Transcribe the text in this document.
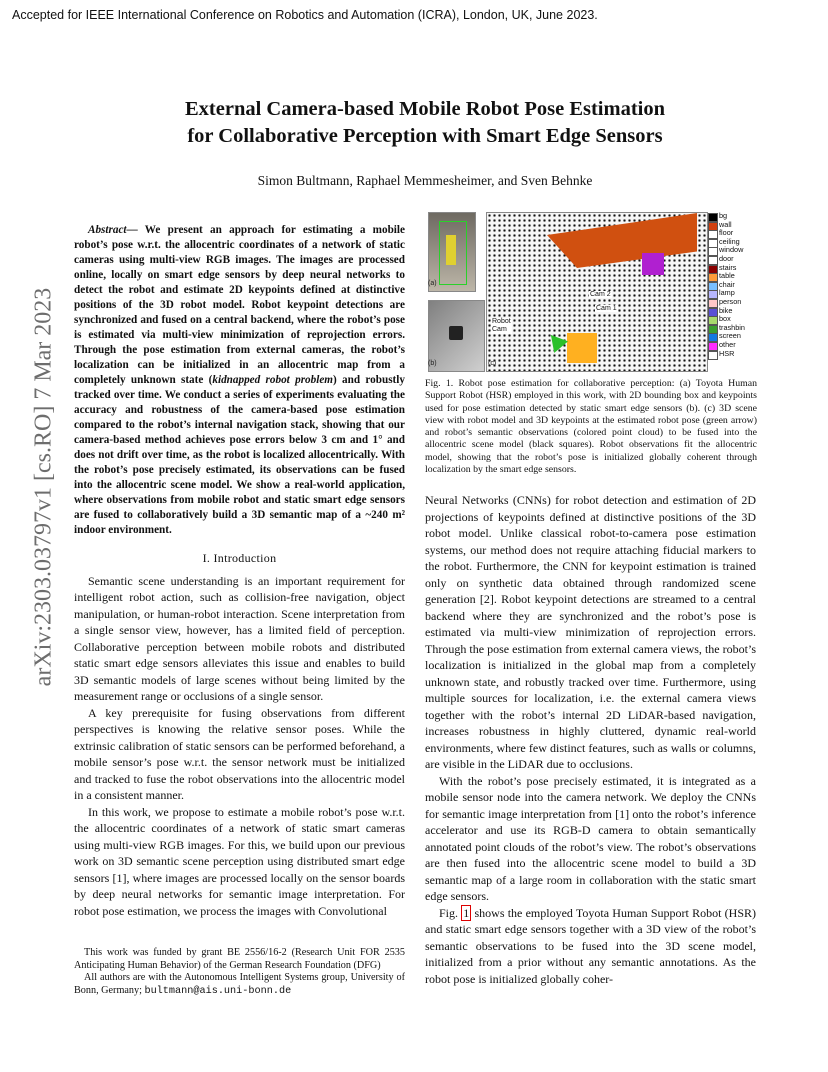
Accepted for IEEE International Conference on Robotics and Automation (ICRA), London, UK, June 2023.
arXiv:2303.03797v1 [cs.RO] 7 Mar 2023
External Camera-based Mobile Robot Pose Estimation
for Collaborative Perception with Smart Edge Sensors
Simon Bultmann, Raphael Memmesheimer, and Sven Behnke

Abstract— We present an approach for estimating a mobile robot’s pose w.r.t. the allocentric coordinates of a network of static cameras using multi-view RGB images. The images are processed online, locally on smart edge sensors by deep neural networks to detect the robot and estimate 2D keypoints defined at distinctive positions of the 3D robot model. Robot keypoint detections are synchronized and fused on a central backend, where the robot’s pose is estimated via multi-view minimization of reprojection errors. Through the pose estimation from external cameras, the robot’s localization can be initialized in an allocentric map from a completely unknown state (kidnapped robot problem) and robustly tracked over time. We conduct a series of experiments evaluating the accuracy and robustness of the camera-based pose estimation compared to the robot’s internal navigation stack, showing that our camera-based method achieves pose errors below 3 cm and 1° and does not drift over time, as the robot is localized allocentrically. With the robot’s pose precisely estimated, its observations can be fused into the allocentric scene model. We show a real-world application, where observations from mobile robot and static smart edge sensors are fused to collaboratively build a 3D semantic map of a ~240 m² indoor environment.

I. Introduction

Semantic scene understanding is an important requirement for intelligent robot action, such as collision-free navigation, object manipulation, or human-robot interaction. Scene interpretation from a single sensor view, however, has a limited field of perception. Collaborative perception between mobile robots and distributed static smart edge sensors alleviates this issue and enables to build 3D semantic models of large scenes without being limited by the measurement range or occlusions of a single sensor.

A key prerequisite for fusing observations from different perspectives is knowing the relative sensor poses. While the extrinsic calibration of static sensors can be performed beforehand, a mobile sensor’s pose w.r.t. the sensor network must be initialized and tracked to fuse the robot observations into the allocentric model in a consistent manner.

In this work, we propose to estimate a mobile robot’s pose w.r.t. the allocentric coordinates of a network of static smart cameras using multi-view RGB images. For this, we build upon our previous work on 3D semantic scene perception using distributed smart edge sensors [1], where images are processed locally on the sensor boards by deep neural networks for semantic image interpretation. For robot pose estimation, we process the images with Convolutional

This work was funded by grant BE 2556/16-2 (Research Unit FOR 2535 Anticipating Human Behavior) of the German Research Foundation (DFG)

All authors are with the Autonomous Intelligent Systems group, University of Bonn, Germany; bultmann@ais.uni-bonn.de

(a)
(b)
Cam 2
Cam 1
Robot
Cam
(c)
bg
wall
floor
ceiling
window
door
stairs
table
chair
lamp
person
bike
box
trashbin
screen
other
HSR
Fig. 1. Robot pose estimation for collaborative perception: (a) Toyota Human Support Robot (HSR) employed in this work, with 2D bounding box and keypoints used for pose estimation detected by static smart edge sensors (b). (c) 3D scene view with robot model and 3D keypoints at the estimated robot pose (green arrow) and robot’s semantic observations (colored point cloud) to be fused into the allocentric scene model (black squares). Robot observations fit the allocentric model, showing that the robot’s pose is initialized globally coherent through localization by the smart edge sensors.

Neural Networks (CNNs) for robot detection and estimation of 2D projections of keypoints defined at distinctive positions of the 3D robot model. Unlike classical robot-to-camera pose estimation systems, our method does not require attaching fiducial markers to the robot. Furthermore, the CNN for keypoint estimation is trained only on synthetic data obtained through randomized scene generation [2]. Robot keypoint detections are streamed to a central backend where they are synchronized and the robot’s pose is estimated via multi-view minimization of reprojection errors. Through the pose estimation from external camera views, the robot’s localization is initialized in the global map from a completely unknown state, and robustly tracked over time. Furthermore, using multiple sources for localization, i.e. the external camera views together with the robot’s internal 2D LiDAR-based navigation, increases robustness in highly cluttered, dynamic real-world environments, where few distinct features, such as walls or columns, are visible in the LiDAR due to occlusions.

With the robot’s pose precisely estimated, it is integrated as a mobile sensor node into the camera network. We deploy the CNNs for semantic image interpretation from [1] onto the robot’s inference accelerator and use its RGB-D camera to obtain semantically annotated point clouds of the robot’s view. The robot’s observations are then fused into the allocentric scene model to build a 3D semantic map of a large room in collaboration with the static smart edge sensors.

Fig. 1 shows the employed Toyota Human Support Robot (HSR) and static smart edge sensors together with a 3D view of the robot’s semantic observations to be fused into the 3D scene model, initialized from a prior without any semantic annotations. As the robot pose is initialized globally coher-
